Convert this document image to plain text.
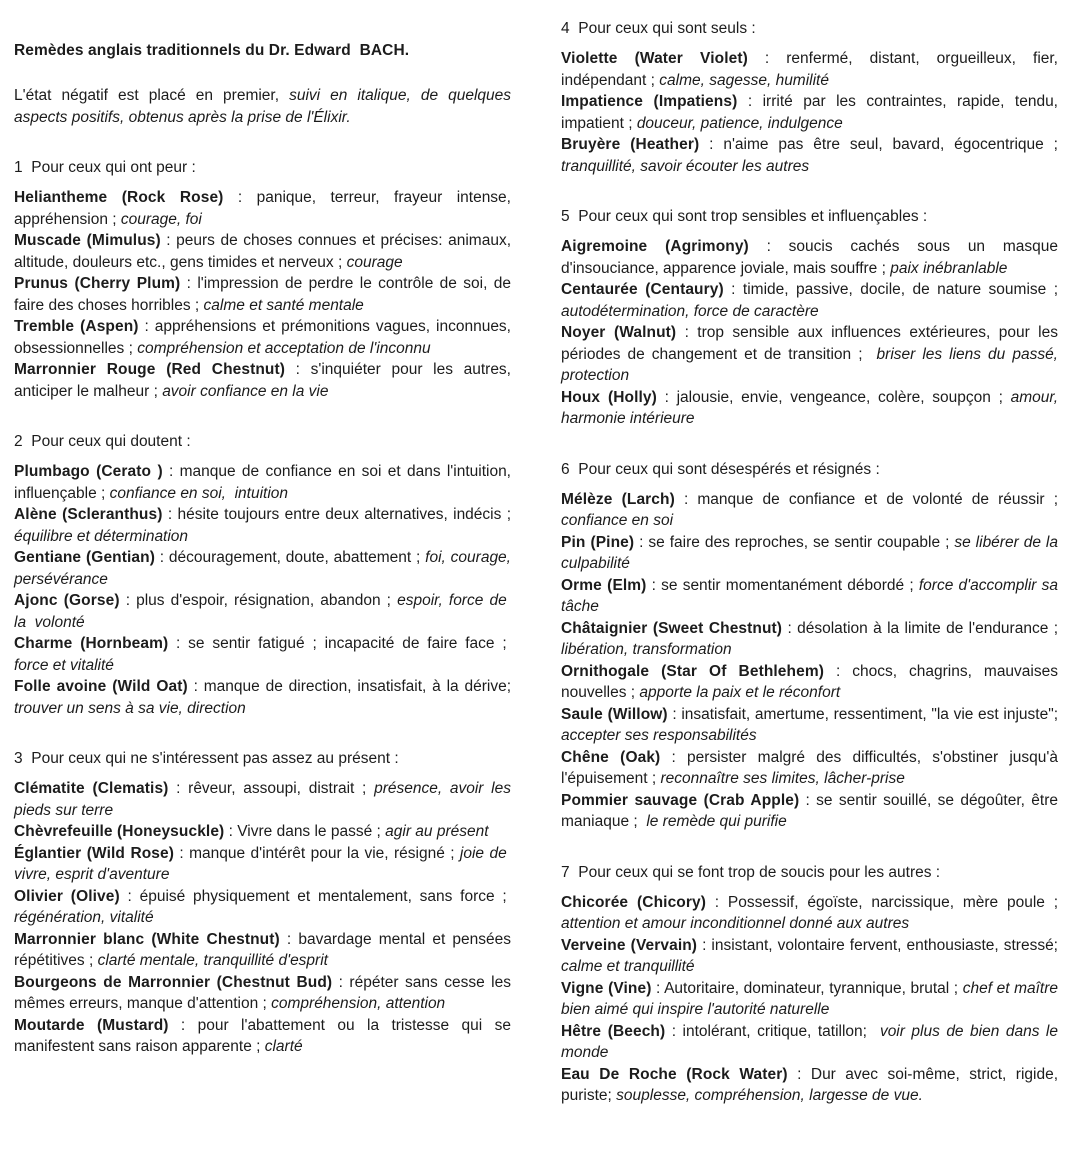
Remèdes anglais traditionnels du Dr. Edward  BACH.

L'état négatif est placé en premier, suivi en italique, de quelques aspects positifs, obtenus après la prise de l'Élixir.

1  Pour ceux qui ont peur :

Heliantheme (Rock Rose) : panique, terreur, frayeur intense, appréhension ; courage, foi

Muscade (Mimulus) : peurs de choses connues et précises: animaux, altitude, douleurs etc., gens timides et nerveux ; courage

Prunus (Cherry Plum) : l'impression de perdre le contrôle de soi, de faire des choses horribles ; calme et santé mentale

Tremble (Aspen) : appréhensions et prémonitions vagues, inconnues, obsessionnelles ; compréhension et acceptation de l'inconnu

Marronnier Rouge (Red Chestnut) : s'inquiéter pour les autres, anticiper le malheur ; avoir confiance en la vie

2  Pour ceux qui doutent :

Plumbago (Cerato ) : manque de confiance en soi et dans l'intuition, influençable ; confiance en soi,  intuition

Alène (Scleranthus) : hésite toujours entre deux alternatives, indécis ; équilibre et détermination

Gentiane (Gentian) : découragement, doute, abattement ; foi, courage, persévérance

Ajonc (Gorse) : plus d'espoir, résignation, abandon ; espoir, force de  la  volonté

Charme (Hornbeam) : se sentir fatigué ; incapacité de faire face ;  force et vitalité

Folle avoine (Wild Oat) : manque de direction, insatisfait, à la dérive; trouver un sens à sa vie, direction

3  Pour ceux qui ne s'intéressent pas assez au présent :

Clématite (Clematis) : rêveur, assoupi, distrait ; présence, avoir les pieds sur terre

Chèvrefeuille (Honeysuckle) : Vivre dans le passé ; agir au présent

Églantier (Wild Rose) : manque d'intérêt pour la vie, résigné ; joie de  vivre, esprit d'aventure

Olivier (Olive) : épuisé physiquement et mentalement, sans force ;  régénération, vitalité

Marronnier blanc (White Chestnut) : bavardage mental et pensées répétitives ; clarté mentale, tranquillité d'esprit

Bourgeons de Marronnier (Chestnut Bud) : répéter sans cesse les mêmes erreurs, manque d'attention ; compréhension, attention

Moutarde (Mustard) : pour l'abattement ou la tristesse qui se manifestent sans raison apparente ; clarté

4  Pour ceux qui sont seuls :

Violette (Water Violet) : renfermé, distant, orgueilleux, fier, indépendant ; calme, sagesse, humilité

Impatience (Impatiens) : irrité par les contraintes, rapide, tendu, impatient ; douceur, patience, indulgence

Bruyère (Heather) : n'aime pas être seul, bavard, égocentrique ; tranquillité, savoir écouter les autres

5  Pour ceux qui sont trop sensibles et influençables :

Aigremoine (Agrimony) : soucis cachés sous un masque d'insouciance, apparence joviale, mais souffre ; paix inébranlable

Centaurée (Centaury) : timide, passive, docile, de nature soumise ; autodétermination, force de caractère

Noyer (Walnut) : trop sensible aux influences extérieures, pour les périodes de changement et de transition ;  briser les liens du passé, protection

Houx (Holly) : jalousie, envie, vengeance, colère, soupçon ; amour, harmonie intérieure

6  Pour ceux qui sont désespérés et résignés :

Mélèze (Larch) : manque de confiance et de volonté de réussir ; confiance en soi

Pin (Pine) : se faire des reproches, se sentir coupable ; se libérer de la culpabilité

Orme (Elm) : se sentir momentanément débordé ; force d'accomplir sa tâche

Châtaignier (Sweet Chestnut) : désolation à la limite de l'endurance ; libération, transformation

Ornithogale (Star Of Bethlehem) : chocs, chagrins, mauvaises nouvelles ; apporte la paix et le réconfort

Saule (Willow) : insatisfait, amertume, ressentiment, "la vie est injuste"; accepter ses responsabilités

Chêne (Oak) : persister malgré des difficultés, s'obstiner jusqu'à l'épuisement ; reconnaître ses limites, lâcher-prise

Pommier sauvage (Crab Apple) : se sentir souillé, se dégoûter, être maniaque ;  le remède qui purifie

7  Pour ceux qui se font trop de soucis pour les autres :

Chicorée (Chicory) : Possessif, égoïste, narcissique, mère poule ; attention et amour inconditionnel donné aux autres

Verveine (Vervain) : insistant, volontaire fervent, enthousiaste, stressé; calme et tranquillité

Vigne (Vine) : Autoritaire, dominateur, tyrannique, brutal ; chef et maître bien aimé qui inspire l'autorité naturelle

Hêtre (Beech) : intolérant, critique, tatillon;  voir plus de bien dans le monde

Eau De Roche (Rock Water) : Dur avec soi-même, strict, rigide, puriste; souplesse, compréhension, largesse de vue.
